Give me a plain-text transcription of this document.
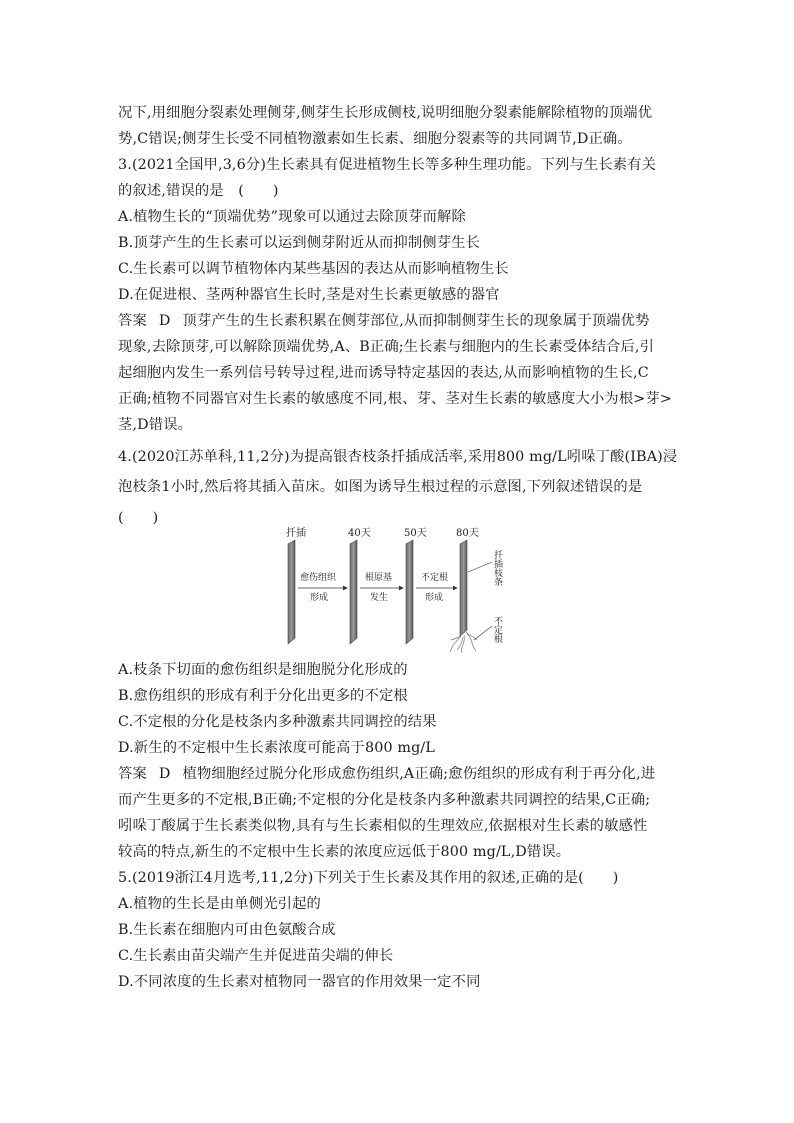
况下,用细胞分裂素处理侧芽,侧芽生长形成侧枝,说明细胞分裂素能解除植物的顶端优
势,C错误;侧芽生长受不同植物激素如生长素、细胞分裂素等的共同调节,D正确。
3.(2021全国甲,3,6分)生长素具有促进植物生长等多种生理功能。下列与生长素有关
的叙述,错误的是　(　　)
A.植物生长的“顶端优势”现象可以通过去除顶芽而解除
B.顶芽产生的生长素可以运到侧芽附近从而抑制侧芽生长
C.生长素可以调节植物体内某些基因的表达从而影响植物生长
D.在促进根、茎两种器官生长时,茎是对生长素更敏感的器官
答案 D 顶芽产生的生长素积累在侧芽部位,从而抑制侧芽生长的现象属于顶端优势
现象,去除顶芽,可以解除顶端优势,A、B正确;生长素与细胞内的生长素受体结合后,引
起细胞内发生一系列信号转导过程,进而诱导特定基因的表达,从而影响植物的生长,C
正确;植物不同器官对生长素的敏感度不同,根、芽、茎对生长素的敏感度大小为根>芽>
茎,D错误。
4.(2020江苏单科,11,2分)为提高银杏枝条扦插成活率,采用800 mg/L吲哚丁酸(IBA)浸
泡枝条1小时,然后将其插入苗床。如图为诱导生根过程的示意图,下列叙述错误的是
(　　)
扦插	40天	50天	80天
愈伤组织
形成
根原基
发生
不定根
形成
扦插枝条
不定根
A.枝条下切面的愈伤组织是细胞脱分化形成的
B.愈伤组织的形成有利于分化出更多的不定根
C.不定根的分化是枝条内多种激素共同调控的结果
D.新生的不定根中生长素浓度可能高于800 mg/L
答案 D 植物细胞经过脱分化形成愈伤组织,A正确;愈伤组织的形成有利于再分化,进
而产生更多的不定根,B正确;不定根的分化是枝条内多种激素共同调控的结果,C正确;
吲哚丁酸属于生长素类似物,具有与生长素相似的生理效应,依据根对生长素的敏感性
较高的特点,新生的不定根中生长素的浓度应远低于800 mg/L,D错误。
5.(2019浙江4月选考,11,2分)下列关于生长素及其作用的叙述,正确的是(　　)
A.植物的生长是由单侧光引起的
B.生长素在细胞内可由色氨酸合成
C.生长素由苗尖端产生并促进苗尖端的伸长
D.不同浓度的生长素对植物同一器官的作用效果一定不同
